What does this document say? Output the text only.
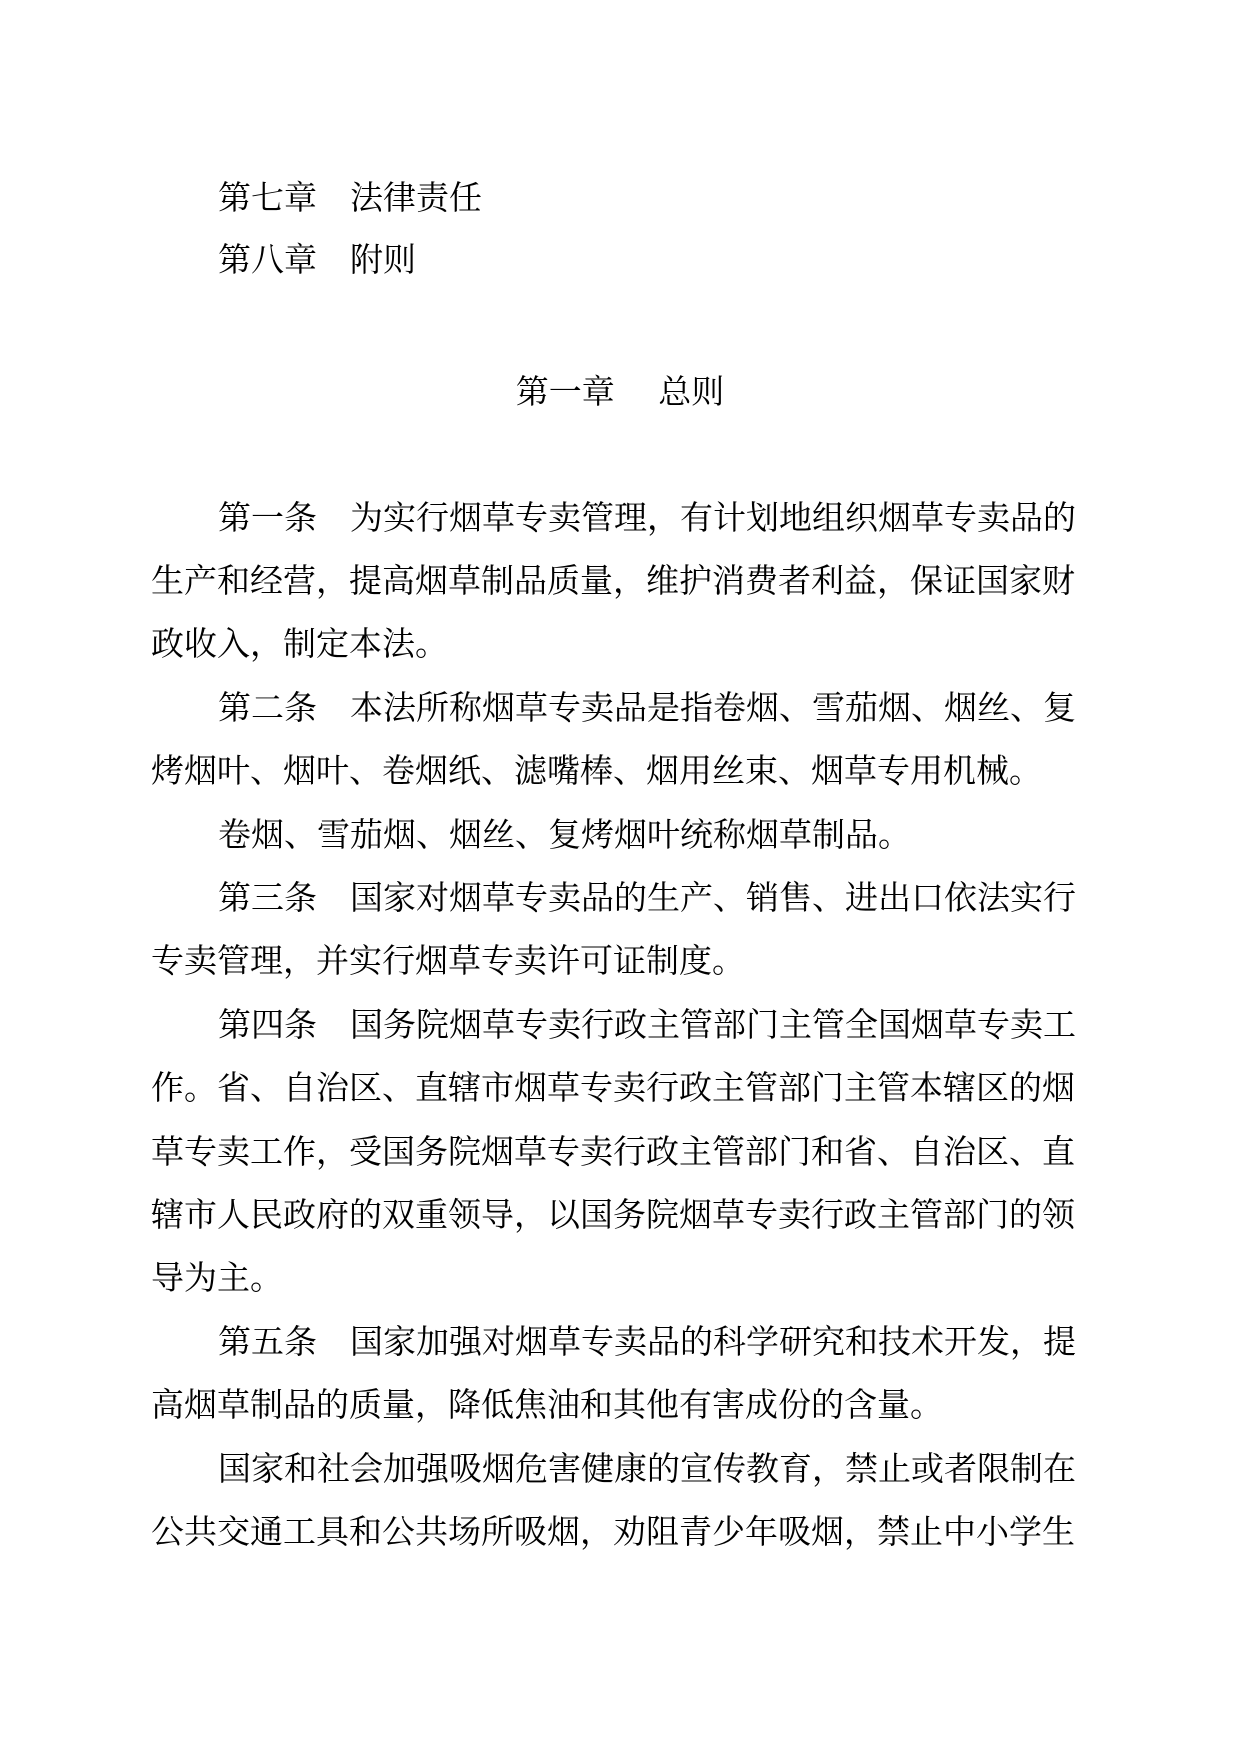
第七章　法律责任
第八章　附则
第一章　 总则
第一条　为实行烟草专卖管理，有计划地组织烟草专卖品的
生产和经营，提高烟草制品质量，维护消费者利益，保证国家财
政收入，制定本法。
第二条　本法所称烟草专卖品是指卷烟、雪茄烟、烟丝、复
烤烟叶、烟叶、卷烟纸、滤嘴棒、烟用丝束、烟草专用机械。
卷烟、雪茄烟、烟丝、复烤烟叶统称烟草制品。
第三条　国家对烟草专卖品的生产、销售、进出口依法实行
专卖管理，并实行烟草专卖许可证制度。
第四条　国务院烟草专卖行政主管部门主管全国烟草专卖工
作。省、自治区、直辖市烟草专卖行政主管部门主管本辖区的烟
草专卖工作，受国务院烟草专卖行政主管部门和省、自治区、直
辖市人民政府的双重领导，以国务院烟草专卖行政主管部门的领
导为主。
第五条　国家加强对烟草专卖品的科学研究和技术开发，提
高烟草制品的质量，降低焦油和其他有害成份的含量。
国家和社会加强吸烟危害健康的宣传教育，禁止或者限制在
公共交通工具和公共场所吸烟，劝阻青少年吸烟，禁止中小学生
